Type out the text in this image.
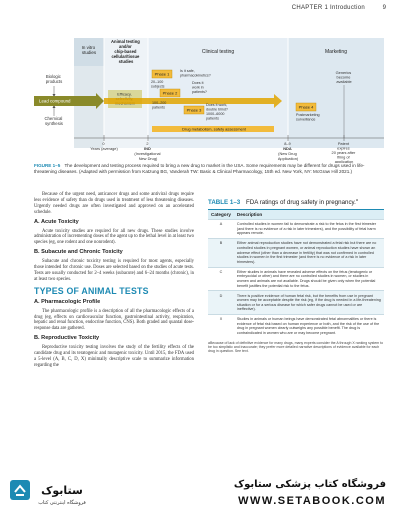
CHAPTER 1 Introduction	9
In vitro studies
Animal testing and/or chip-based cellular/tissue studies
Clinical testing	Marketing
Biologic products
Chemical synthesis
Lead compound
Efficacy,
Phase 1
20–100 subjects
Is it safe, pharmacokinetics?
Phase 2
100–200 patients
Does it work in patients?
Phase 3
Does it work, double blind? 1000–6000 patients
Phase 4
Postmarketing surveillance
Generics become available
Drug metabolism, safety assessment
0 Years (average)
2 IND (Investigational New Drug)
8–9 NDA (New Drug Application)
Patent expires 20 years after filing of application
FIGURE 1–5 The development and testing process required to bring a new drug to market in the USA. Some requirements may be different for drugs used in life-threatening diseases. (Adapted with permission from Katzung BG, Vanderah TW: Basic & Clinical Pharmacology, 15th ed. New York, NY: McGraw Hill 2021.)

Because of the urgent need, anticancer drugs and some antiviral drugs require less evidence of safety than do drugs used in treatment of less threatening diseases. Urgently needed drugs are often investigated and approved on an accelerated schedule.

A. Acute Toxicity

Acute toxicity studies are required for all new drugs. These studies involve administration of incrementing doses of the agent up to the lethal level in at least two species (eg, one rodent and one nonrodent).

B. Subacute and Chronic Toxicity

Subacute and chronic toxicity testing is required for most agents, especially those intended for chronic use. Doses are selected based on the studies of acute tests. Tests are usually conducted for 2–4 weeks (subacute) and 6–24 months (chronic), in at least two species.

TYPES OF ANIMAL TESTS
A. Pharmacologic Profile

The pharmacologic profile is a description of all the pharmacologic effects of a drug (eg, effects on cardiovascular function, gastrointestinal activity, respiration, hepatic and renal function, endocrine function, CNS). Both graded and quantal dose-response data are gathered.

B. Reproductive Toxicity

Reproductive toxicity testing involves the study of the fertility effects of the candidate drug and its teratogenic and mutagenic toxicity. Until 2015, the FDA used a 5-level (A, B, C, D, X) minimally descriptive scale to summarize information regarding the

TABLE 1–3 FDA ratings of drug safety in pregnancy.$^a$
Category	Description
A	Controlled studies in women fail to demonstrate a risk to the fetus in the first trimester (and there is no evidence of a risk in later trimesters), and the possibility of fetal harm appears remote.
B	Either animal reproduction studies have not demonstrated a fetal risk but there are no controlled studies in pregnant women, or animal reproduction studies have shown an adverse effect (other than a decrease in fertility) that was not confirmed in controlled studies in women in the first trimester (and there is no evidence of a risk in later trimesters).
C	Either studies in animals have revealed adverse effects on the fetus (teratogenic or embryocidal or other) and there are no controlled studies in women, or studies in women and animals are not available. Drugs should be given only when the potential benefit justifies the potential risk to the fetus.
D	There is positive evidence of human fetal risk, but the benefits from use in pregnant women may be acceptable despite the risk (eg, if the drug is needed in a life-threatening situation or for a serious disease for which safer drugs cannot be used or are ineffective).
X	Studies in animals or human beings have demonstrated fetal abnormalities or there is evidence of fetal risk based on human experience or both, and the risk of the use of the drug in pregnant women clearly outweighs any possible benefit. The drug is contraindicated in women who are or may become pregnant.
aBecause of lack of definitive evidence for many drugs, many experts consider the A through X ranking system to be too simplistic and inaccurate; they prefer more detailed narrative descriptions of evidence available for each drug in question. See text.
ستابوک
فروشگاه اینترنتی کتاب
فروشگاه کتاب پزشکی ستابوک
WWW.SETABOOK.COM
